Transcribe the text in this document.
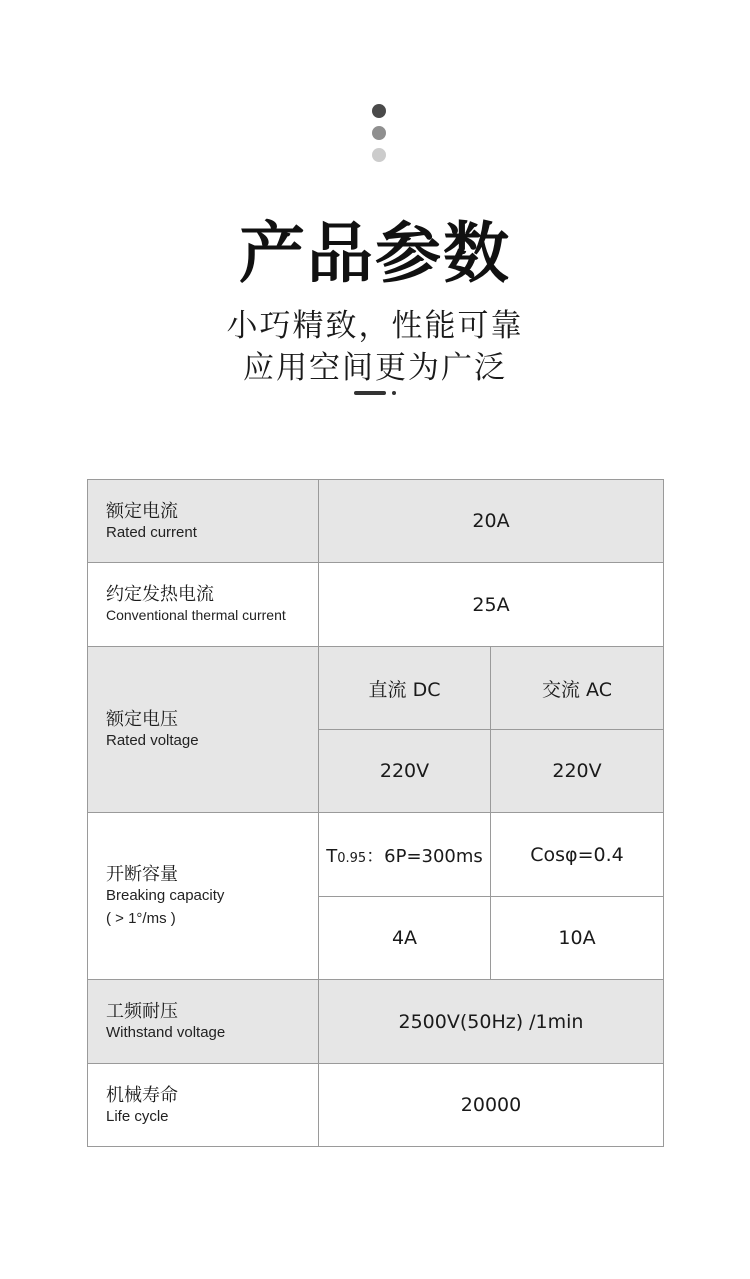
产品参数
小巧精致，性能可靠
应用空间更为广泛
额定电流
Rated current	20A	

约定发热电流
Conventional thermal current	25A	

额定电压
Rated voltage	直流 DC	交流 AC
	220V	220V

开断容量
Breaking capacity
( > 1°/ms )	T0.95：6P=300ms	Cosφ=0.4
	4A	10A

工频耐压
Withstand voltage	2500V(50Hz) /1min	

机械寿命
Life cycle	20000	
